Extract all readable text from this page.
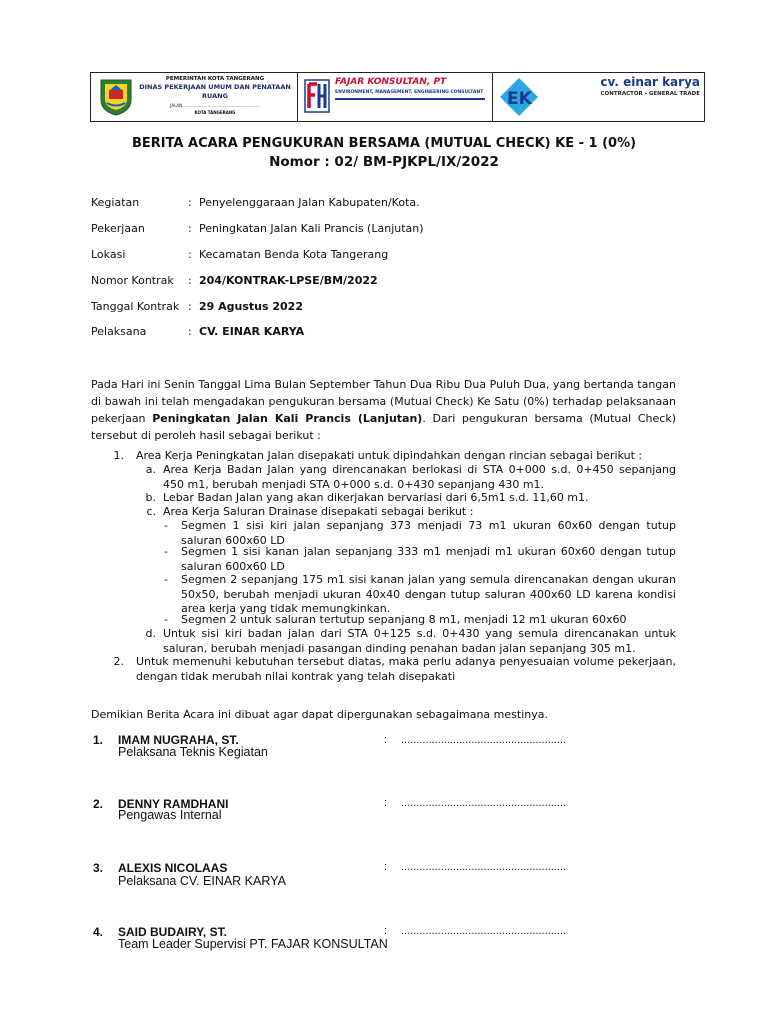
PEMERINTAH KOTA TANGERANG
DINAS PEKERJAAN UMUM DAN PENATAAN RUANG
JALAN.............................................................
KOTA TANGERANG
FAJAR KONSULTAN, PT
ENVIRONMENT, MANAGEMENT, ENGINEERING CONSULTANT EK
cv. einar karya
CONTRACTOR - GENERAL TRADE
BERITA ACARA PENGUKURAN BERSAMA (MUTUAL CHECK) KE - 1 (0%)
Nomor : 02/ BM-PJKPL/IX/2022
Kegiatan	: Penyelenggaraan Jalan Kabupaten/Kota.
Pekerjaan	: Peningkatan Jalan Kali Prancis (Lanjutan)
Lokasi	: Kecamatan Benda Kota Tangerang
Nomor Kontrak	: 204/KONTRAK-LPSE/BM/2022
Tanggal Kontrak : 29 Agustus 2022
Pelaksana	: CV. EINAR KARYA
Pada Hari ini Senin Tanggal Lima Bulan September Tahun Dua Ribu Dua Puluh Dua, yang bertanda tangan di bawah ini telah mengadakan pengukuran bersama (Mutual Check) Ke Satu (0%) terhadap pelaksanaan pekerjaan Peningkatan Jalan Kali Prancis (Lanjutan). Dari pengukuran bersama (Mutual Check) tersebut di peroleh hasil sebagai berikut :
1. Area Kerja Peningkatan Jalan disepakati untuk dipindahkan dengan rincian sebagai berikut :
a. Area Kerja Badan Jalan yang direncanakan berlokasi di STA 0+000 s.d. 0+450 sepanjang 450 m1, berubah menjadi STA 0+000 s.d. 0+430 sepanjang 430 m1.
b. Lebar Badan Jalan yang akan dikerjakan bervariasi dari 6,5m1 s.d. 11,60 m1.
c. Area Kerja Saluran Drainase disepakati sebagai berikut :
- Segmen 1 sisi kiri jalan sepanjang 373 menjadi 73 m1 ukuran 60x60 dengan tutup saluran 600x60 LD
- Segmen 1 sisi kanan jalan sepanjang 333 m1 menjadi m1 ukuran 60x60 dengan tutup saluran 600x60 LD
- Segmen 2 sepanjang 175 m1 sisi kanan jalan yang semula direncanakan dengan ukuran 50x50, berubah menjadi ukuran 40x40 dengan tutup saluran 400x60 LD karena kondisi area kerja yang tidak memungkinkan.
- Segmen 2 untuk saluran tertutup sepanjang 8 m1, menjadi 12 m1 ukuran 60x60
d. Untuk sisi kiri badan jalan dari STA 0+125 s.d. 0+430 yang semula direncanakan untuk saluran, berubah menjadi pasangan dinding penahan badan jalan sepanjang 305 m1.
2. Untuk memenuhi kebutuhan tersebut diatas, maka perlu adanya penyesuaian volume pekerjaan, dengan tidak merubah nilai kontrak yang telah disepakati
Demikian Berita Acara ini dibuat agar dapat dipergunakan sebagaimana mestinya.
1. IMAM NUGRAHA, ST.
Pelaksana Teknis Kegiatan
: ......................................................
2. DENNY RAMDHANI
Pengawas Internal
: ......................................................
3. ALEXIS NICOLAAS
Pelaksana CV. EINAR KARYA
: ......................................................
4. SAID BUDAIRY, ST.
Team Leader Supervisi PT. FAJAR KONSULTAN
: ......................................................
